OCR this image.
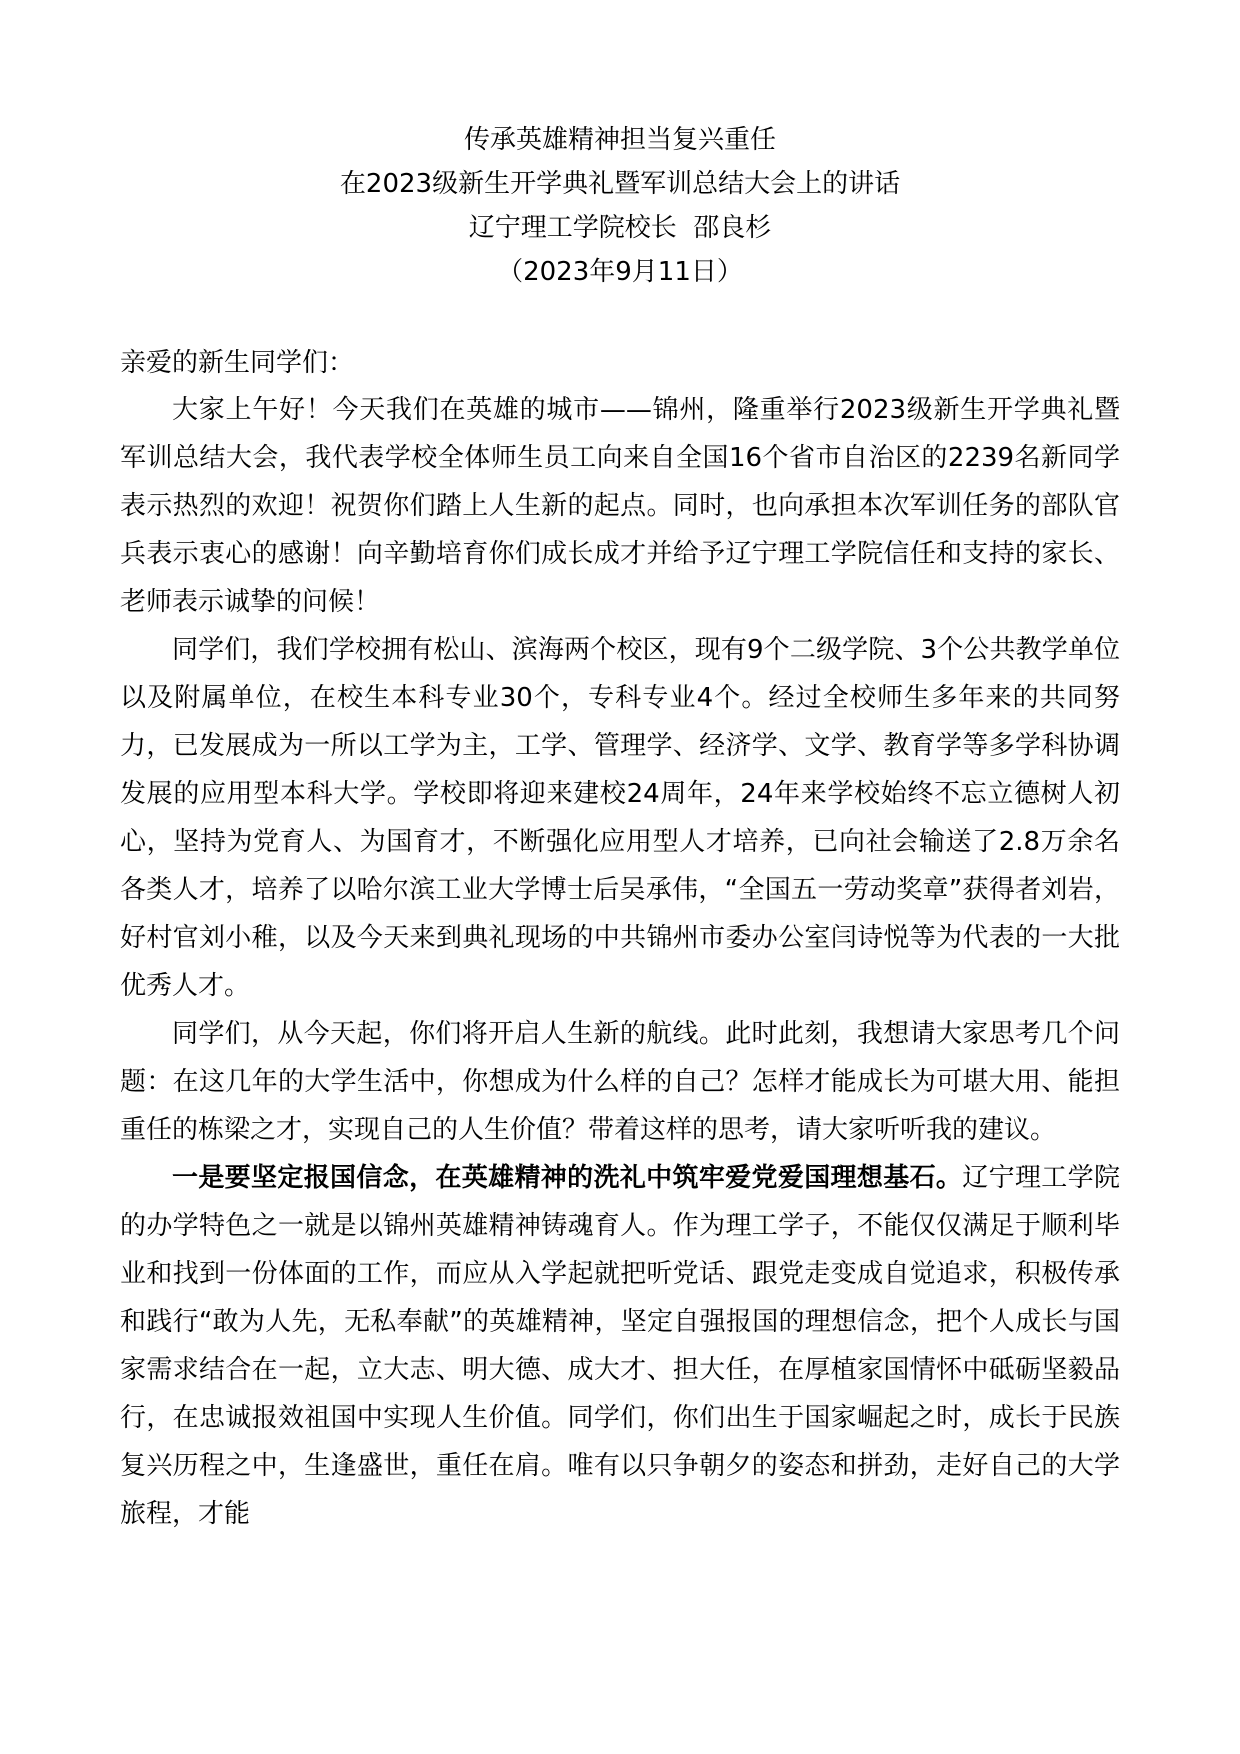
传承英雄精神担当复兴重任
在2023级新生开学典礼暨军训总结大会上的讲话
辽宁理工学院校长  邵良杉
（2023年9月11日）
亲爱的新生同学们：

大家上午好！今天我们在英雄的城市——锦州，隆重举行2023级新生开学典礼暨军训总结大会，我代表学校全体师生员工向来自全国16个省市自治区的2239名新同学表示热烈的欢迎！祝贺你们踏上人生新的起点。同时，也向承担本次军训任务的部队官兵表示衷心的感谢！向辛勤培育你们成长成才并给予辽宁理工学院信任和支持的家长、老师表示诚挚的问候！

同学们，我们学校拥有松山、滨海两个校区，现有9个二级学院、3个公共教学单位以及附属单位，在校生本科专业30个，专科专业4个。经过全校师生多年来的共同努力，已发展成为一所以工学为主，工学、管理学、经济学、文学、教育学等多学科协调发展的应用型本科大学。学校即将迎来建校24周年，24年来学校始终不忘立德树人初心，坚持为党育人、为国育才，不断强化应用型人才培养，已向社会输送了2.8万余名各类人才，培养了以哈尔滨工业大学博士后吴承伟，“全国五一劳动奖章”获得者刘岩，好村官刘小稚，以及今天来到典礼现场的中共锦州市委办公室闫诗悦等为代表的一大批优秀人才。

同学们，从今天起，你们将开启人生新的航线。此时此刻，我想请大家思考几个问题：在这几年的大学生活中，你想成为什么样的自己？怎样才能成长为可堪大用、能担重任的栋梁之才，实现自己的人生价值？带着这样的思考，请大家听听我的建议。

一是要坚定报国信念，在英雄精神的洗礼中筑牢爱党爱国理想基石。辽宁理工学院的办学特色之一就是以锦州英雄精神铸魂育人。作为理工学子，不能仅仅满足于顺利毕业和找到一份体面的工作，而应从入学起就把听党话、跟党走变成自觉追求，积极传承和践行“敢为人先，无私奉献”的英雄精神，坚定自强报国的理想信念，把个人成长与国家需求结合在一起，立大志、明大德、成大才、担大任，在厚植家国情怀中砥砺坚毅品行，在忠诚报效祖国中实现人生价值。同学们，你们出生于国家崛起之时，成长于民族复兴历程之中，生逢盛世，重任在肩。唯有以只争朝夕的姿态和拼劲，走好自己的大学旅程，才能
